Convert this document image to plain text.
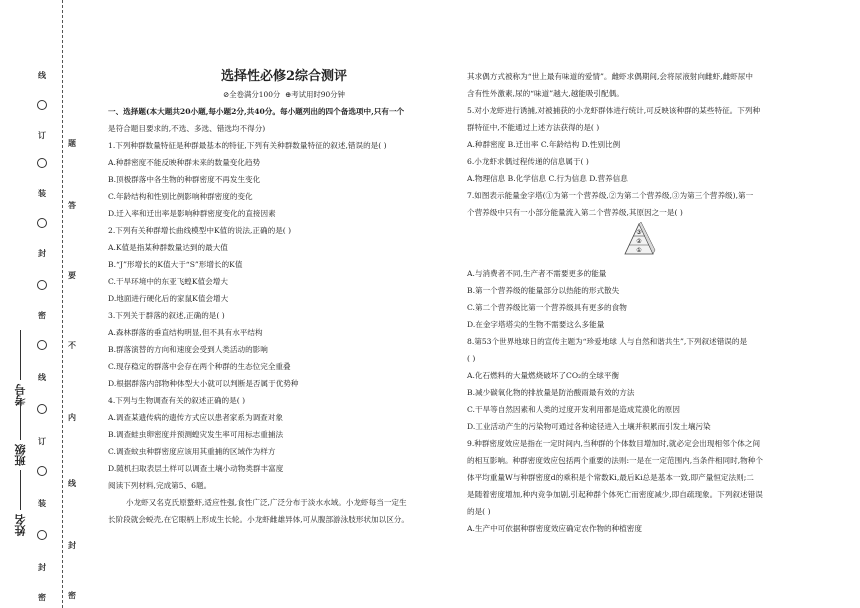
线
订
装
封
密
线
订
装
封
密
题
答
要
不
内
线
封
密
考号
班级
姓名

选择性必修2综合测评

⊘全卷满分100分 ⊕考试用时90分钟

一、选择题(本大题共20小题,每小题2分,共40分。每小题列出的四个备选项中,只有一个

是符合题目要求的,不选、多选、错选均不得分)

1.下列种群数量特征是种群最基本的特征,下列有关种群数量特征的叙述,错误的是( )

A.种群密度不能反映种群未来的数量变化趋势

B.顶极群落中各生物的种群密度不再发生变化

C.年龄结构和性别比例影响种群密度的变化

D.迁入率和迁出率是影响种群密度变化的直接因素

2.下列有关种群增长曲线模型中K值的说法,正确的是( )

A.K值是指某种群数量达到的最大值

B.“J”形增长的K值大于“S”形增长的K值

C.干旱环境中的东亚飞蝗K值会增大

D.地面进行硬化后的家鼠K值会增大

3.下列关于群落的叙述,正确的是( )

A.森林群落的垂直结构明显,但不具有水平结构

B.群落演替的方向和速度会受到人类活动的影响

C.现存稳定的群落中会存在两个种群的生态位完全重叠

D.根据群落内部物种体型大小就可以判断是否属于优势种

4.下列与生物调查有关的叙述正确的是( )

A.调查某遗传病的遗传方式应以患者家系为调查对象

B.调查蛙虫卵密度并预测蝗灾发生率可用标志重捕法

C.调查蚊虫种群密度应该用其重捕的区域作为样方

D.随机扫取表层土样可以调查土壤小动物类群丰富度

阅读下列材料,完成第5、6题。

小龙虾又名克氏原螯虾,适应性强,食性广泛,广泛分布于淡水水域。小龙虾每当一定生

长阶段就会蜕壳,在它眼柄上形成生长轮。小龙虾雌雄异体,可从腹部游泳肢形状加以区分。

其求偶方式被称为“世上最有味道的爱情”。雌虾求偶期间,会将尿液射向雌虾,雌虾尿中

含有性外激素,尿的“味道”越大,越能吸引配偶。

5.对小龙虾进行诱捕,对被捕获的小龙虾群体进行统计,可反映该种群的某些特征。下列种

群特征中,不能通过上述方法获得的是( )

A.种群密度 B.迁出率 C.年龄结构 D.性别比例

6.小龙虾求偶过程传递的信息属于( )

A.物理信息 B.化学信息 C.行为信息 D.营养信息

7.如图表示能量金字塔(①为第一个营养级,②为第二个营养级,③为第三个营养级),第一

个营养级中只有一小部分能量流入第二个营养级,其原因之一是( )

A.与消费者不同,生产者不需要更多的能量

B.第一个营养级的能量部分以热能的形式散失

C.第二个营养级比第一个营养级具有更多的食物

D.在金字塔塔尖的生物不需要这么多能量

8.第53个世界地球日的宣传主题为“珍爱地球 人与自然和谐共生”,下列叙述错误的是

( )

A.化石燃料的大量燃烧破坏了CO₂的全球平衡

B.减少碳氧化物的排放量是防治酸雨最有效的方法

C.干旱等自然因素和人类的过度开发利用都是造成荒漠化的原因

D.工业活动产生的污染物可通过各种途径进入土壤并积累而引发土壤污染

9.种群密度效应是指在一定时间内,当种群的个体数目增加时,就必定会出现相邻个体之间

的相互影响。种群密度效应包括两个重要的法则:一是在一定范围内,当条件相同时,物种个

体平均重量W与种群密度d的乘积是个常数Ki,最后Ki总是基本一致,即产量恒定法则;二

是随着密度增加,种内竞争加剧,引起种群个体死亡而密度减少,即自疏现象。下列叙述错误

的是( )

A.生产中可依据种群密度效应确定农作物的种植密度

③
②
①
